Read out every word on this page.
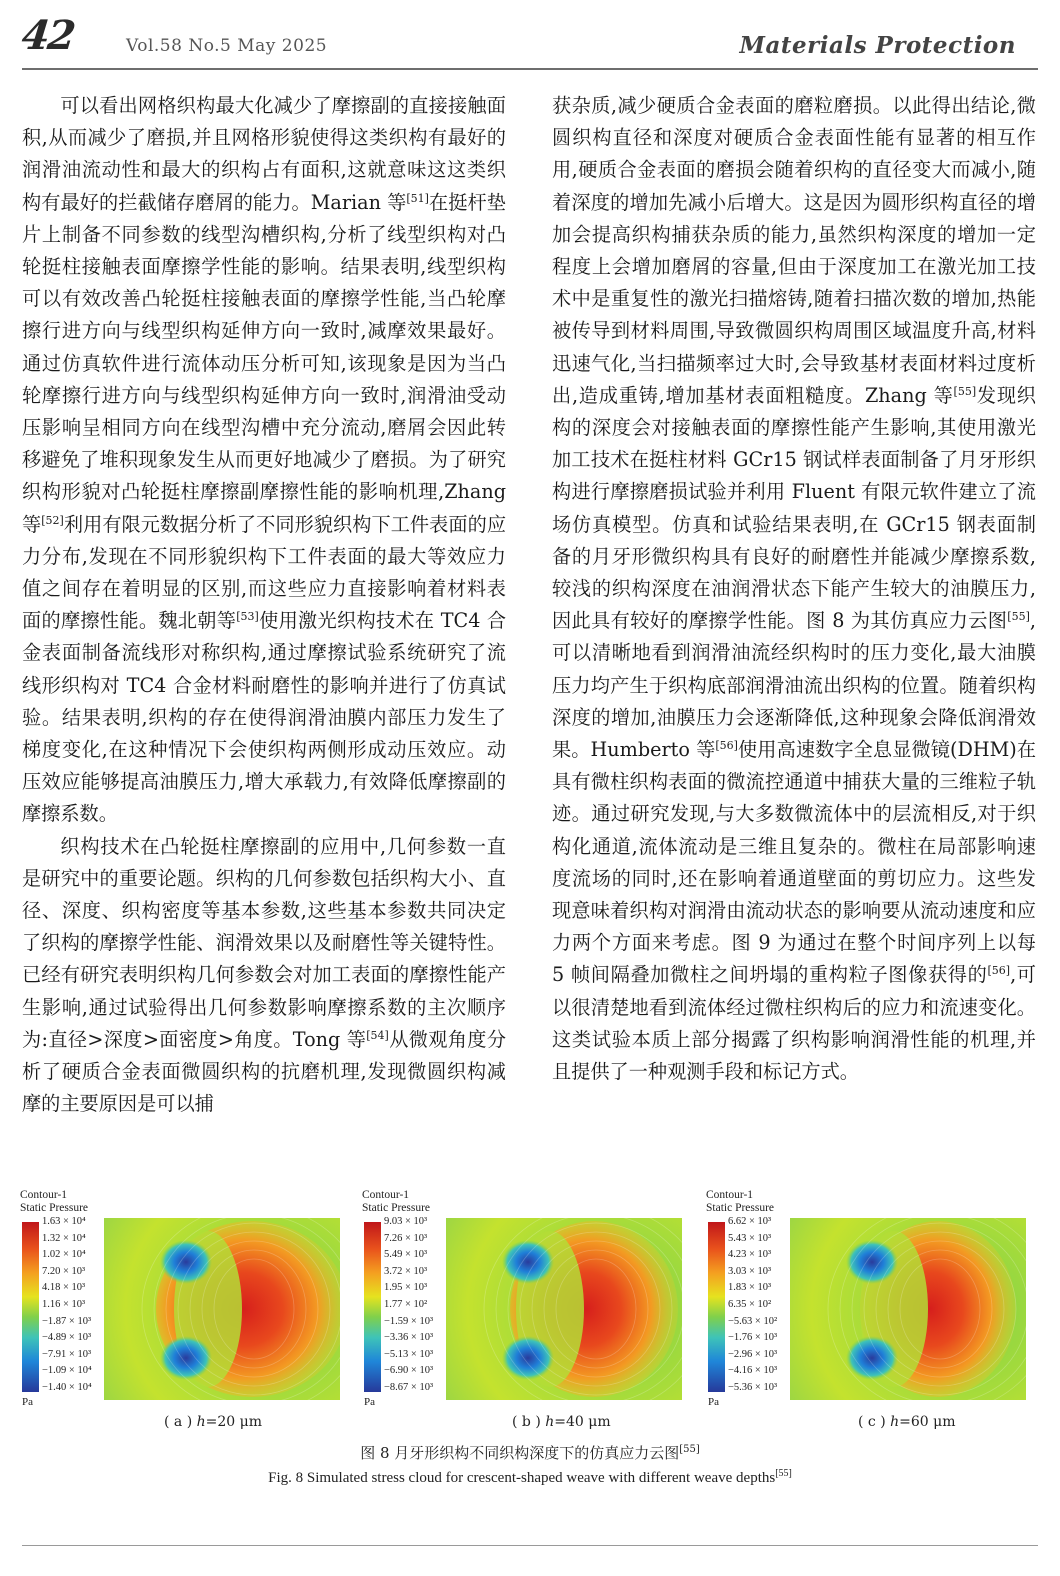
42	Vol.58 No.5 May 2025	Materials Protection

可以看出网格织构最大化减少了摩擦副的直接接触面积,从而减少了磨损,并且网格形貌使得这类织构有最好的润滑油流动性和最大的织构占有面积,这就意味这这类织构有最好的拦截储存磨屑的能力。Marian 等[51]在挺杆垫片上制备不同参数的线型沟槽织构,分析了线型织构对凸轮挺柱接触表面摩擦学性能的影响。结果表明,线型织构可以有效改善凸轮挺柱接触表面的摩擦学性能,当凸轮摩擦行进方向与线型织构延伸方向一致时,减摩效果最好。通过仿真软件进行流体动压分析可知,该现象是因为当凸轮摩擦行进方向与线型织构延伸方向一致时,润滑油受动压影响呈相同方向在线型沟槽中充分流动,磨屑会因此转移避免了堆积现象发生从而更好地减少了磨损。为了研究织构形貌对凸轮挺柱摩擦副摩擦性能的影响机理,Zhang 等[52]利用有限元数据分析了不同形貌织构下工件表面的应力分布,发现在不同形貌织构下工件表面的最大等效应力值之间存在着明显的区别,而这些应力直接影响着材料表面的摩擦性能。魏北朝等[53]使用激光织构技术在 TC4 合金表面制备流线形对称织构,通过摩擦试验系统研究了流线形织构对 TC4 合金材料耐磨性的影响并进行了仿真试验。结果表明,织构的存在使得润滑油膜内部压力发生了梯度变化,在这种情况下会使织构两侧形成动压效应。动压效应能够提高油膜压力,增大承载力,有效降低摩擦副的摩擦系数。

织构技术在凸轮挺柱摩擦副的应用中,几何参数一直是研究中的重要论题。织构的几何参数包括织构大小、直径、深度、织构密度等基本参数,这些基本参数共同决定了织构的摩擦学性能、润滑效果以及耐磨性等关键特性。已经有研究表明织构几何参数会对加工表面的摩擦性能产生影响,通过试验得出几何参数影响摩擦系数的主次顺序为:直径>深度>面密度>角度。Tong 等[54]从微观角度分析了硬质合金表面微圆织构的抗磨机理,发现微圆织构减摩的主要原因是可以捕

获杂质,减少硬质合金表面的磨粒磨损。以此得出结论,微圆织构直径和深度对硬质合金表面性能有显著的相互作用,硬质合金表面的磨损会随着织构的直径变大而减小,随着深度的增加先减小后增大。这是因为圆形织构直径的增加会提高织构捕获杂质的能力,虽然织构深度的增加一定程度上会增加磨屑的容量,但由于深度加工在激光加工技术中是重复性的激光扫描熔铸,随着扫描次数的增加,热能被传导到材料周围,导致微圆织构周围区域温度升高,材料迅速气化,当扫描频率过大时,会导致基材表面材料过度析出,造成重铸,增加基材表面粗糙度。Zhang 等[55]发现织构的深度会对接触表面的摩擦性能产生影响,其使用激光加工技术在挺柱材料 GCr15 钢试样表面制备了月牙形织构进行摩擦磨损试验并利用 Fluent 有限元软件建立了流场仿真模型。仿真和试验结果表明,在 GCr15 钢表面制备的月牙形微织构具有良好的耐磨性并能减少摩擦系数,较浅的织构深度在油润滑状态下能产生较大的油膜压力,因此具有较好的摩擦学性能。图 8 为其仿真应力云图[55],可以清晰地看到润滑油流经织构时的压力变化,最大油膜压力均产生于织构底部润滑油流出织构的位置。随着织构深度的增加,油膜压力会逐渐降低,这种现象会降低润滑效果。Humberto 等[56]使用高速数字全息显微镜(DHM)在具有微柱织构表面的微流控通道中捕获大量的三维粒子轨迹。通过研究发现,与大多数微流体中的层流相反,对于织构化通道,流体流动是三维且复杂的。微柱在局部影响速度流场的同时,还在影响着通道壁面的剪切应力。这些发现意味着织构对润滑由流动状态的影响要从流动速度和应力两个方面来考虑。图 9 为通过在整个时间序列上以每 5 帧间隔叠加微柱之间坍塌的重构粒子图像获得的[56],可以很清楚地看到流体经过微柱织构后的应力和流速变化。这类试验本质上部分揭露了织构影响润滑性能的机理,并且提供了一种观测手段和标记方式。

Contour-1
Static Pressure
1.63 × 10⁴
1.32 × 10⁴
1.02 × 10⁴
7.20 × 10³
4.18 × 10³
1.16 × 10³
−1.87 × 10³
−4.89 × 10³
−7.91 × 10³
−1.09 × 10⁴
−1.40 × 10⁴
Pa
( a ) h=20 μm
Contour-1
Static Pressure
9.03 × 10³
7.26 × 10³
5.49 × 10³
3.72 × 10³
1.95 × 10³
1.77 × 10²
−1.59 × 10³
−3.36 × 10³
−5.13 × 10³
−6.90 × 10³
−8.67 × 10³
Pa
( b ) h=40 μm
Contour-1
Static Pressure
6.62 × 10³
5.43 × 10³
4.23 × 10³
3.03 × 10³
1.83 × 10³
6.35 × 10²
−5.63 × 10²
−1.76 × 10³
−2.96 × 10³
−4.16 × 10³
−5.36 × 10³
Pa
( c ) h=60 μm
图 8 月牙形织构不同织构深度下的仿真应力云图[55]
Fig. 8 Simulated stress cloud for crescent-shaped weave with different weave depths[55]
